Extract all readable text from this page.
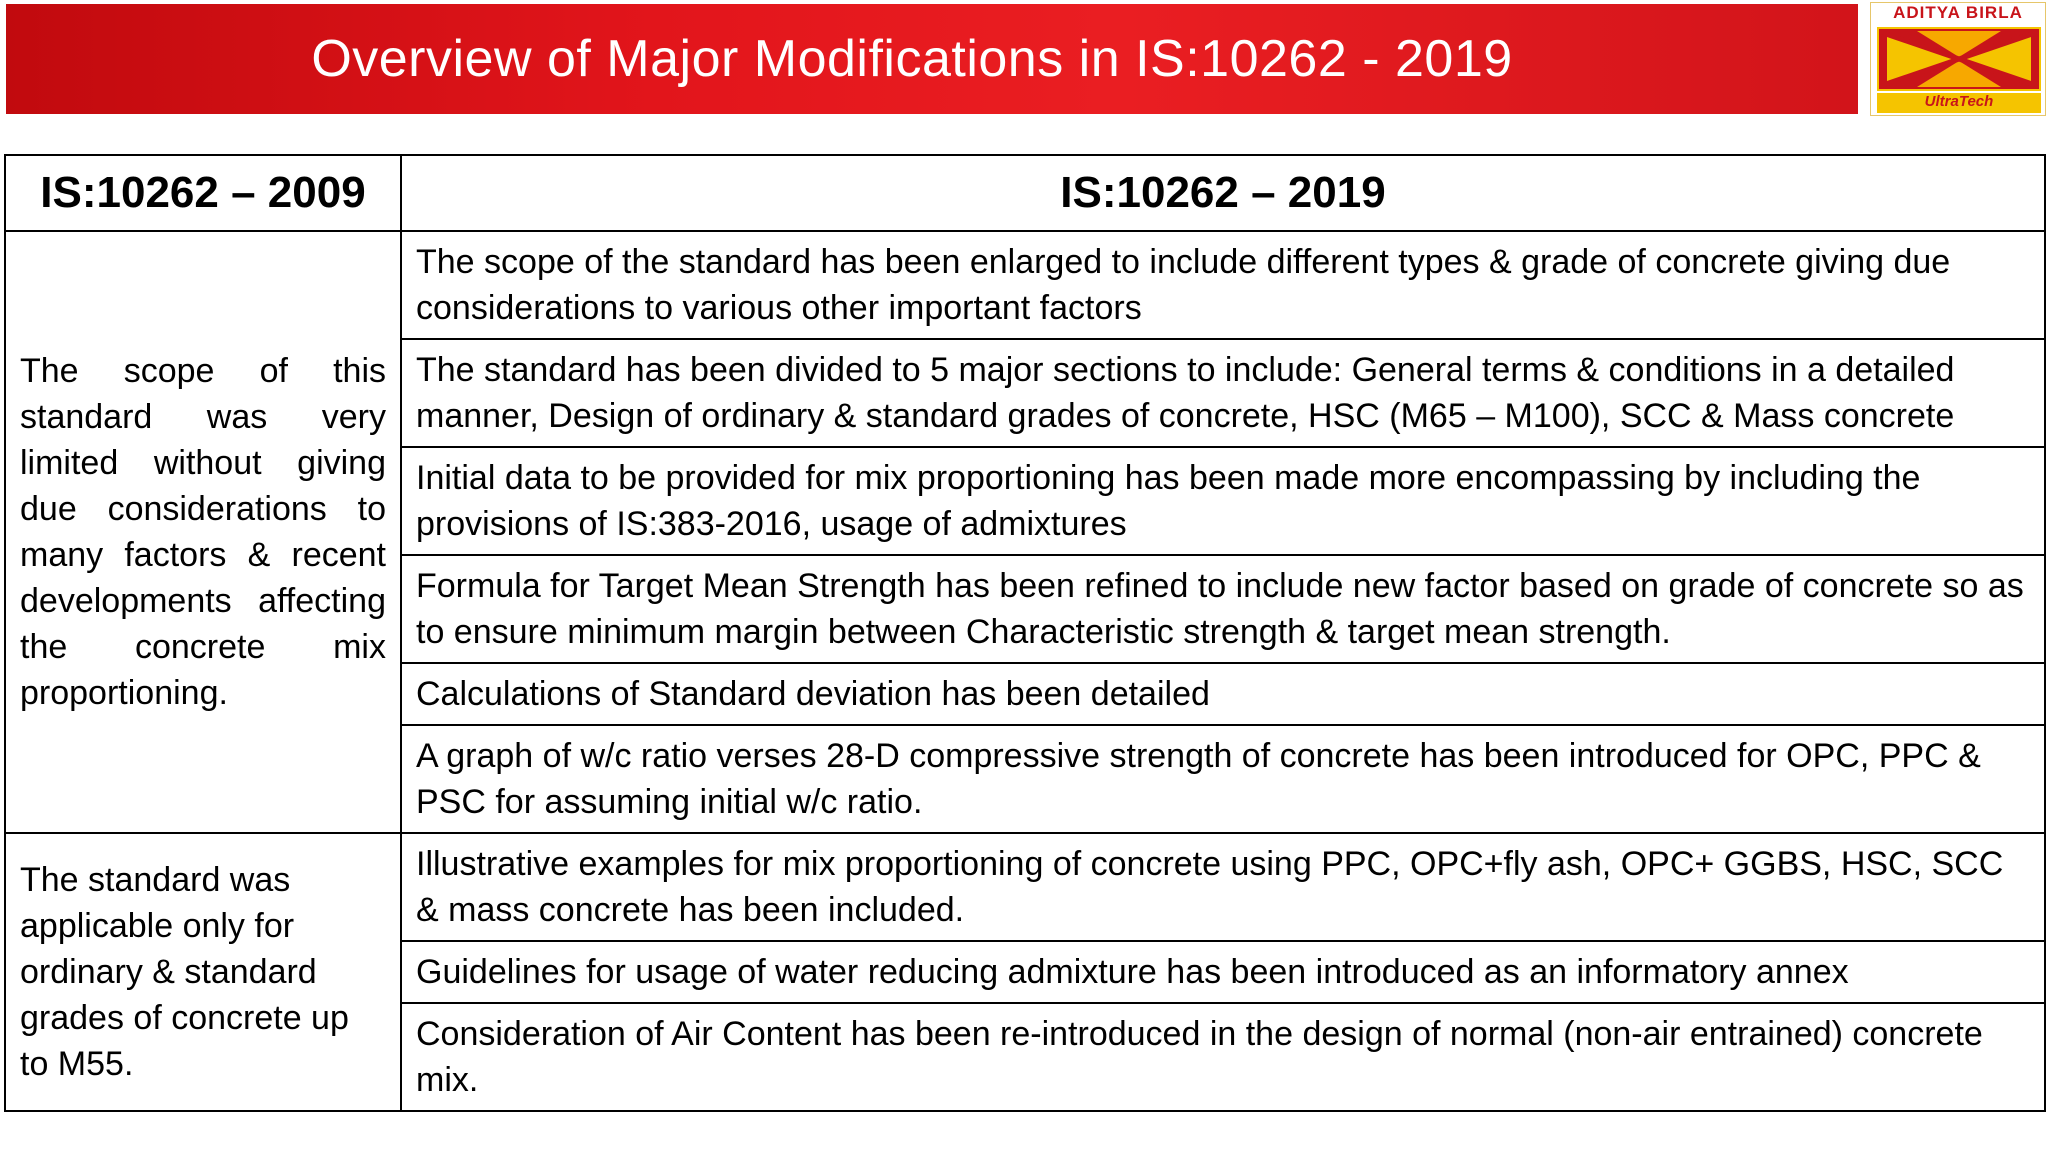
Overview of Major Modifications in IS:10262 - 2019
ADITYA BIRLA
UltraTech
IS:10262 – 2009	IS:10262 – 2019
The scope of this standard was very limited without giving due considerations to many factors & recent developments affecting the concrete mix proportioning.	The scope of the standard has been enlarged to include different types & grade of concrete giving due considerations to various other important factors
	The standard has been divided to 5 major sections to include: General terms & conditions in a detailed manner, Design of ordinary & standard grades of concrete, HSC (M65 – M100), SCC & Mass concrete
	Initial data to be provided for mix proportioning has been made more encompassing by including the provisions of IS:383-2016, usage of admixtures
	Formula for Target Mean Strength has been refined to include new factor based on grade of concrete so as to ensure minimum margin between Characteristic strength & target mean strength.
	Calculations of Standard deviation has been detailed
	A graph of w/c ratio verses 28-D compressive strength of concrete has been introduced for OPC, PPC & PSC for assuming initial w/c ratio.
The standard was applicable only for ordinary & standard grades of concrete up to M55.	Illustrative examples for mix proportioning of concrete using PPC, OPC+fly ash, OPC+ GGBS, HSC, SCC & mass concrete has been included.
	Guidelines for usage of water reducing admixture has been introduced as an informatory annex
	Consideration of Air Content has been re-introduced in the design of normal (non-air entrained) concrete mix.
